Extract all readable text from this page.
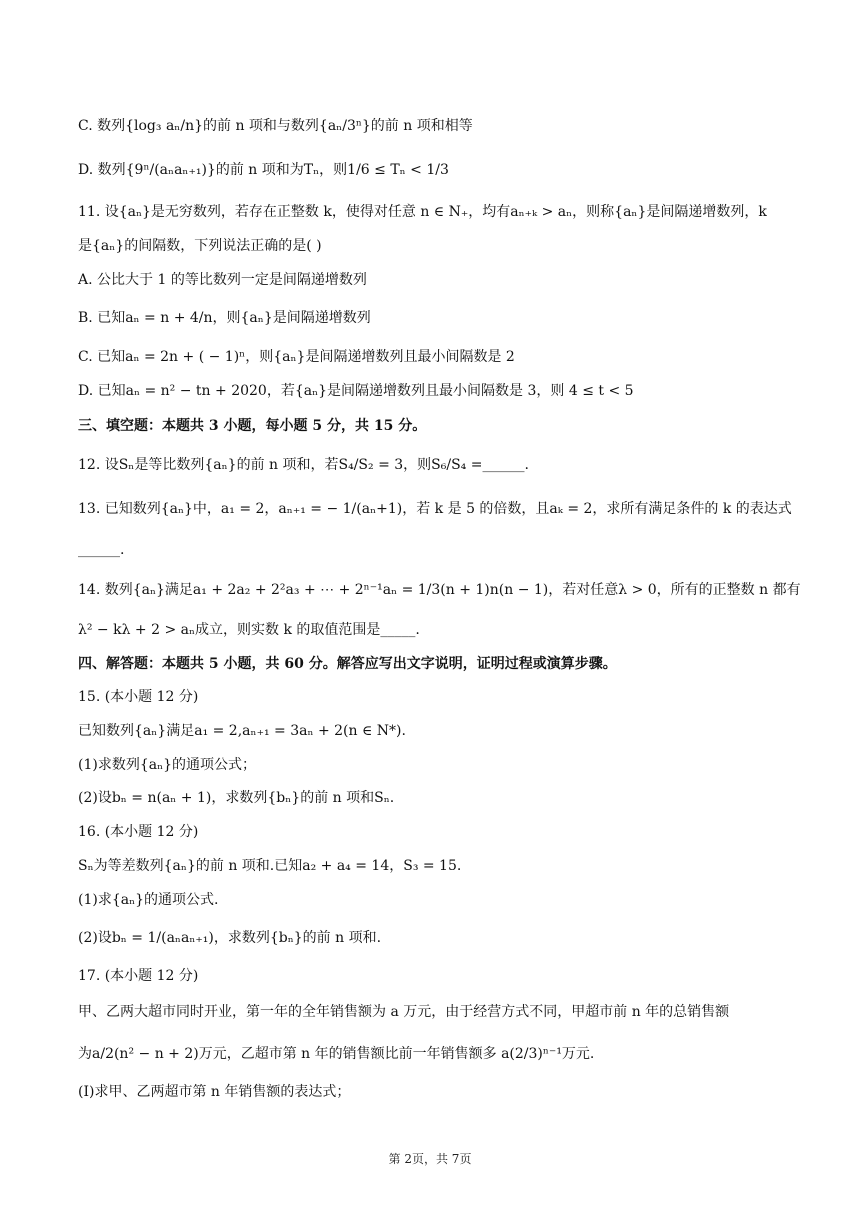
C. 数列{log₃ aₙ/n}的前 n 项和与数列{aₙ/3ⁿ}的前 n 项和相等
D. 数列{9ⁿ/(aₙaₙ₊₁)}的前 n 项和为Tₙ，则1/6 ≤ Tₙ < 1/3
11. 设{aₙ}是无穷数列，若存在正整数 k，使得对任意 n ∈ N₊，均有aₙ₊ₖ > aₙ，则称{aₙ}是间隔递增数列，k
是{aₙ}的间隔数，下列说法正确的是( )
A. 公比大于 1 的等比数列一定是间隔递增数列
B. 已知aₙ = n + 4/n，则{aₙ}是间隔递增数列
C. 已知aₙ = 2n + ( − 1)ⁿ，则{aₙ}是间隔递增数列且最小间隔数是 2
D. 已知aₙ = n² − tn + 2020，若{aₙ}是间隔递增数列且最小间隔数是 3，则 4 ≤ t < 5
三、填空题：本题共 3 小题，每小题 5 分，共 15 分。
12. 设Sₙ是等比数列{aₙ}的前 n 项和，若S₄/S₂ = 3，则S₆/S₄ =______.
13. 已知数列{aₙ}中，a₁ = 2，aₙ₊₁ = − 1/(aₙ+1)，若 k 是 5 的倍数，且aₖ = 2，求所有满足条件的 k 的表达式
______.
14. 数列{aₙ}满足a₁ + 2a₂ + 2²a₃ + ⋯ + 2ⁿ⁻¹aₙ = 1/3(n + 1)n(n − 1)，若对任意λ > 0，所有的正整数 n 都有
λ² − kλ + 2 > aₙ成立，则实数 k 的取值范围是_____.
四、解答题：本题共 5 小题，共 60 分。解答应写出文字说明，证明过程或演算步骤。
15. (本小题 12 分)
已知数列{aₙ}满足a₁ = 2,aₙ₊₁ = 3aₙ + 2(n ∈ N*).
(1)求数列{aₙ}的通项公式；
(2)设bₙ = n(aₙ + 1)，求数列{bₙ}的前 n 项和Sₙ.
16. (本小题 12 分)
Sₙ为等差数列{aₙ}的前 n 项和.已知a₂ + a₄ = 14，S₃ = 15.
(1)求{aₙ}的通项公式.
(2)设bₙ = 1/(aₙaₙ₊₁)，求数列{bₙ}的前 n 项和.
17. (本小题 12 分)
甲、乙两大超市同时开业，第一年的全年销售额为 a 万元，由于经营方式不同，甲超市前 n 年的总销售额
为a/2(n² − n + 2)万元，乙超市第 n 年的销售额比前一年销售额多 a(2/3)ⁿ⁻¹万元.
(Ⅰ)求甲、乙两超市第 n 年销售额的表达式；
第 2页，共 7页
